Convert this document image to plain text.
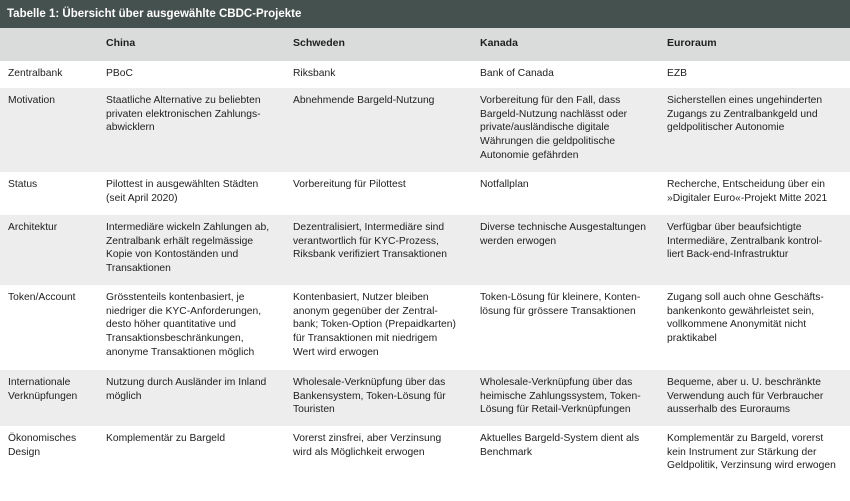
Tabelle 1: Übersicht über ausgewählte CBDC-Projekte
	China	Schweden	Kanada	Euroraum
Zentralbank	PBoC	Riksbank	Bank of Canada	EZB
Motivation	Staatliche Alternative zu beliebten
privaten elektronischen Zahlungs-
abwicklern	Abnehmende Bargeld-Nutzung	Vorbereitung für den Fall, dass
Bargeld-Nutzung nachlässt oder
private/ausländische digitale
Währungen die geldpolitische
Autonomie gefährden	Sicherstellen eines ungehinderten
Zugangs zu Zentralbankgeld und
geldpolitischer Autonomie
Status	Pilottest in ausgewählten Städten
(seit April 2020)	Vorbereitung für Pilottest	Notfallplan	Recherche, Entscheidung über ein
»Digitaler Euro«-Projekt Mitte 2021
Architektur	Intermediäre wickeln Zahlungen ab,
Zentralbank erhält regelmässige
Kopie von Kontoständen und
Transaktionen	Dezentralisiert, Intermediäre sind
verantwortlich für KYC-Prozess,
Riksbank verifiziert Transaktionen	Diverse technische Ausgestaltungen
werden erwogen	Verfügbar über beaufsichtigte
Intermediäre, Zentralbank kontrol-
liert Back-end-Infrastruktur
Token/Account	Grösstenteils kontenbasiert, je
niedriger die KYC-Anforderungen,
desto höher quantitative und
Transaktionsbeschränkungen,
anonyme Transaktionen möglich	Kontenbasiert, Nutzer bleiben
anonym gegenüber der Zentral-
bank; Token-Option (Prepaidkarten)
für Transaktionen mit niedrigem
Wert wird erwogen	Token-Lösung für kleinere, Konten-
lösung für grössere Transaktionen	Zugang soll auch ohne Geschäfts-
bankenkonto gewährleistet sein,
vollkommene Anonymität nicht
praktikabel
Internationale
Verknüpfungen	Nutzung durch Ausländer im Inland
möglich	Wholesale-Verknüpfung über das
Bankensystem, Token-Lösung für
Touristen	Wholesale-Verknüpfung über das
heimische Zahlungssystem, Token-
Lösung für Retail-Verknüpfungen	Bequeme, aber u. U. beschränkte
Verwendung auch für Verbraucher
ausserhalb des Euroraums
Ökonomisches
Design	Komplementär zu Bargeld	Vorerst zinsfrei, aber Verzinsung
wird als Möglichkeit erwogen	Aktuelles Bargeld-System dient als
Benchmark	Komplementär zu Bargeld, vorerst
kein Instrument zur Stärkung der
Geldpolitik, Verzinsung wird erwogen
